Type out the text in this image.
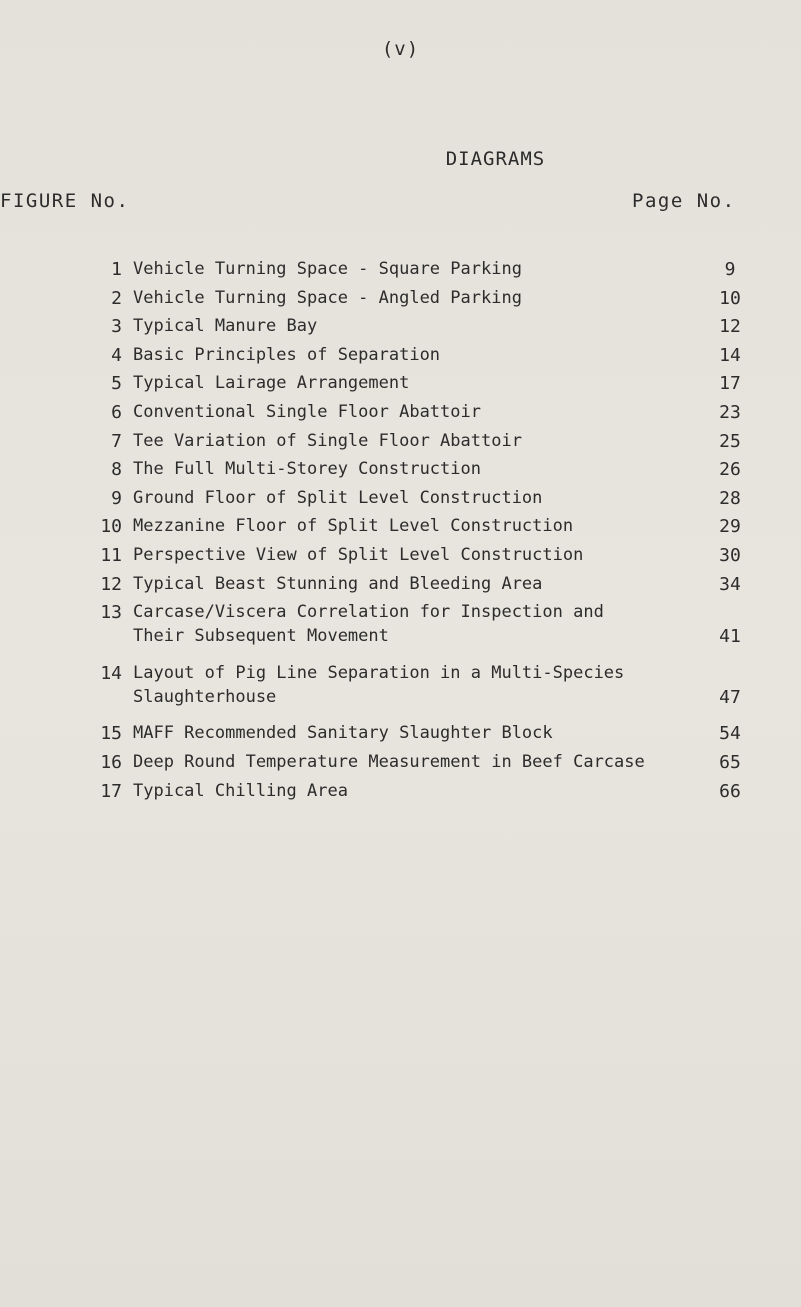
(v)
DIAGRAMS
FIGURE No.	Page No.
1 Vehicle Turning Space - Square Parking	9
2 Vehicle Turning Space - Angled Parking	10
3 Typical Manure Bay	12
4 Basic Principles of Separation	14
5 Typical Lairage Arrangement	17
6 Conventional Single Floor Abattoir	23
7 Tee Variation of Single Floor Abattoir	25
8 The Full Multi-Storey Construction	26
9 Ground Floor of Split Level Construction	28
10 Mezzanine Floor of Split Level Construction	29
11 Perspective View of Split Level Construction	30
12 Typical Beast Stunning and Bleeding Area	34
13 Carcase/Viscera Correlation for Inspection and
Their Subsequent Movement	41
14 Layout of Pig Line Separation in a Multi-Species
Slaughterhouse	47
15 MAFF Recommended Sanitary Slaughter Block	54
16 Deep Round Temperature Measurement in Beef Carcase	65
17 Typical Chilling Area	66
